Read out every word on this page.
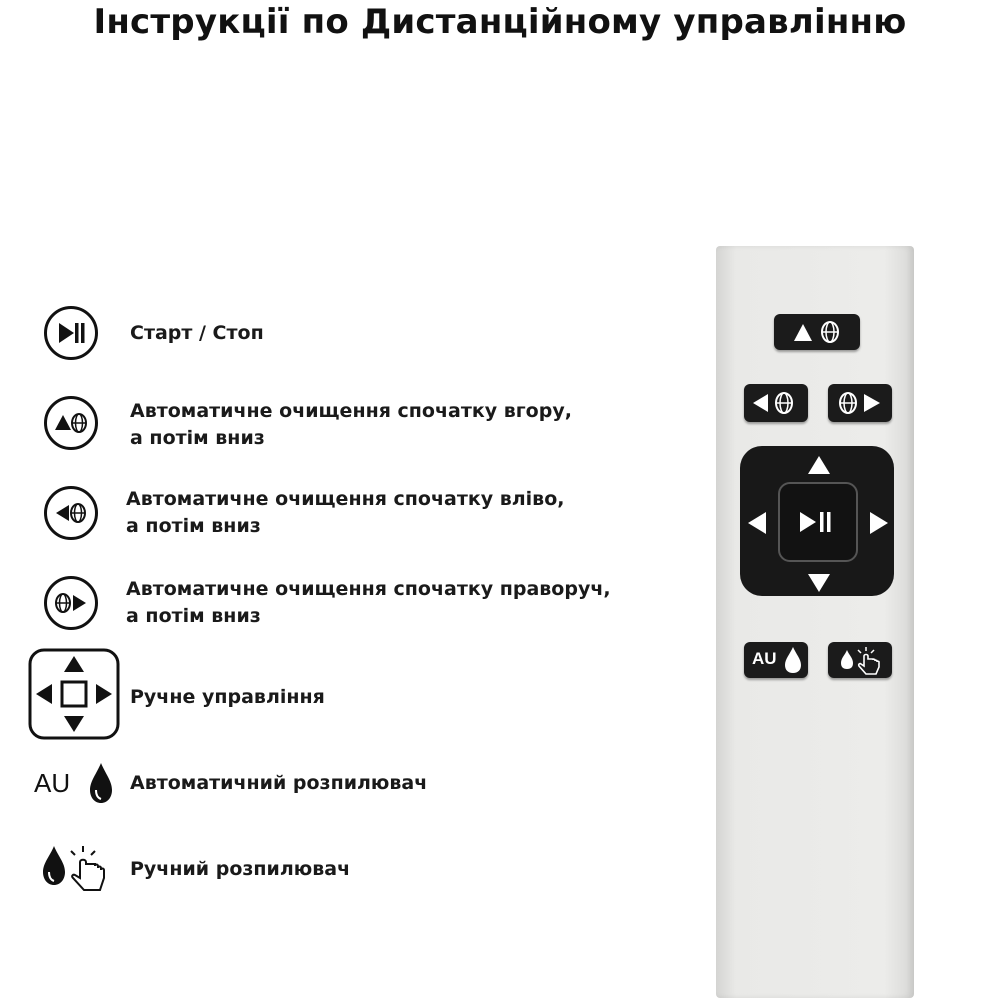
Інструкції по Дистанційному управлінню
Старт / Стоп
Автоматичне очищення спочатку вгору,
а потім вниз
Автоматичне очищення спочатку вліво,
а потім вниз
Автоматичне очищення спочатку праворуч,
а потім вниз
Ручне управління
AU	Автоматичний розпилювач
Ручний розпилювач
AU
